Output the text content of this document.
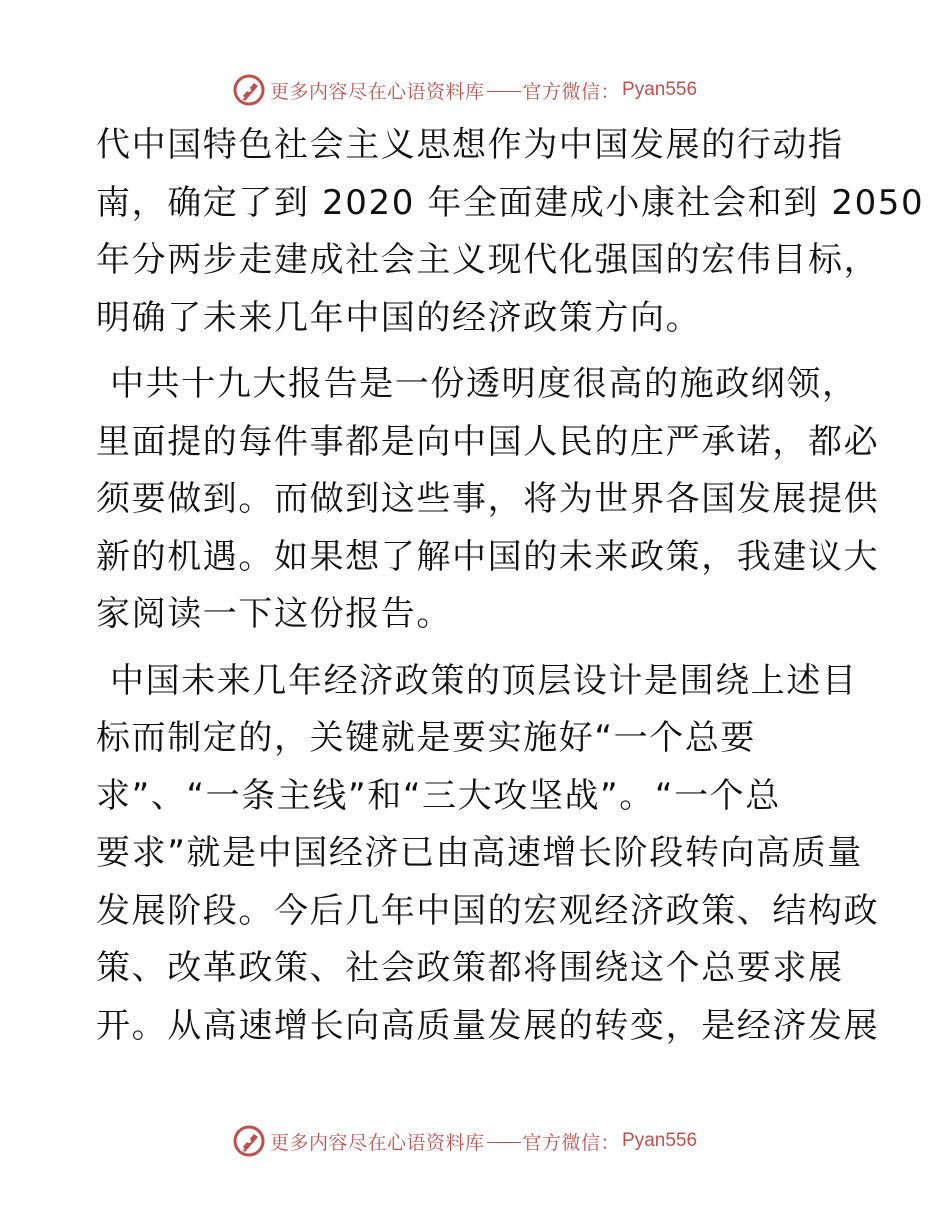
更多内容尽在心语资料库 官方微信： Pyan556
代中国特色社会主义思想作为中国发展的行动指
南，确定了到 2020 年全面建成小康社会和到 2050
年分两步走建成社会主义现代化强国的宏伟目标，
明确了未来几年中国的经济政策方向。
中共十九大报告是一份透明度很高的施政纲领，
里面提的每件事都是向中国人民的庄严承诺，都必
须要做到。而做到这些事，将为世界各国发展提供
新的机遇。如果想了解中国的未来政策，我建议大
家阅读一下这份报告。
中国未来几年经济政策的顶层设计是围绕上述目
标而制定的，关键就是要实施好“一个总要
求”、“一条主线”和“三大攻坚战”。“一个总
要求”就是中国经济已由高速增长阶段转向高质量
发展阶段。今后几年中国的宏观经济政策、结构政
策、改革政策、社会政策都将围绕这个总要求展
开。从高速增长向高质量发展的转变，是经济发展
更多内容尽在心语资料库 官方微信： Pyan556
